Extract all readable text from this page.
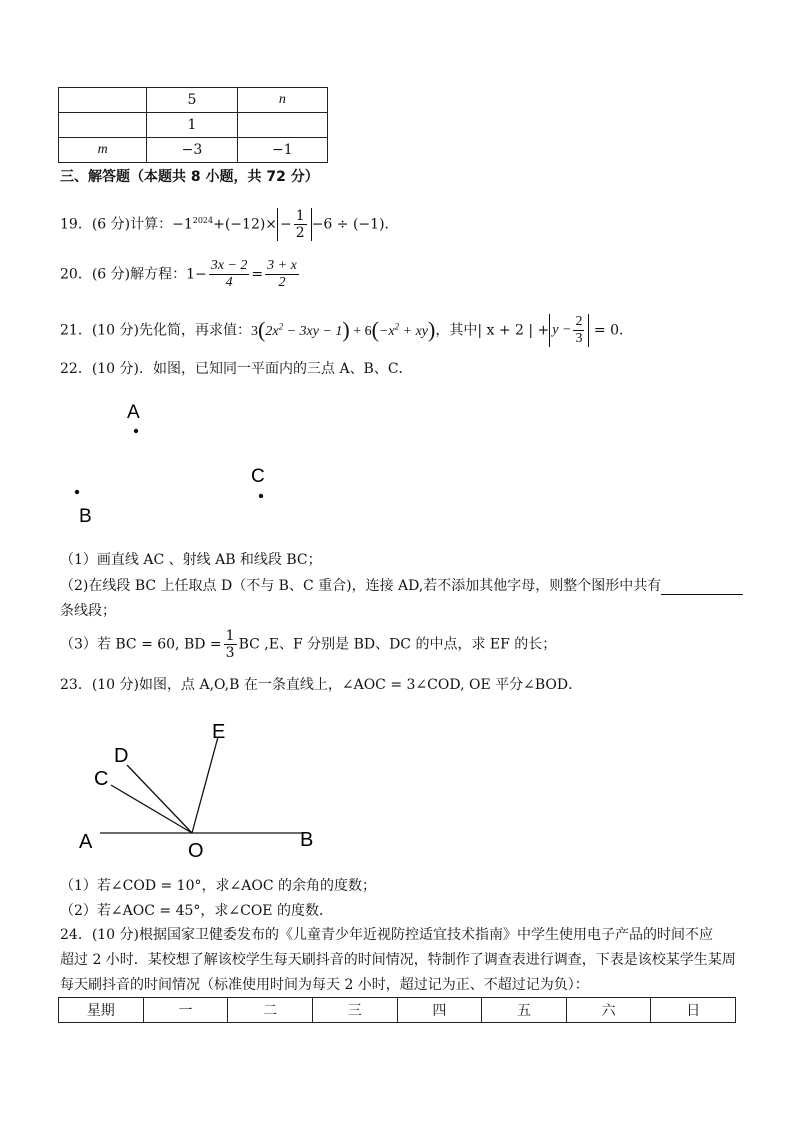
	5	n
	1	
m	−3	−1
三、解答题（本题共 8 小题，共 72 分）
19．(6 分)计算：$-1^{2024}+(-12)\times - \frac{1}{2} -6 \div (-1)$．
20．(6 分)解方程：$1- \frac{3x - 2}{4} = \frac{3 + x}{2}$
21．(10 分)先化简，再求值：$3(2x^2 - 3xy - 1) + 6(-x^2 + xy)$，其中| x + 2 | + $y - \frac{2}{3} = 0$．
22．(10 分)．如图，已知同一平面内的三点 A、B、C．
A
B
C
（1）画直线 AC 、射线 AB 和线段 BC；
（2)在线段 BC 上任取点 D（不与 B、C 重合)，连接 AD,若不添加其他字母，则整个图形中共有
条线段；
（3）若 BC = 60, BD = $\frac{1}{3}$ BC ,E、F 分别是 BD、DC 的中点，求 EF 的长；
23．(10 分)如图，点 A,O,B 在一条直线上，∠AOC = 3∠COD, OE 平分∠BOD．
A	B
C
D
E
O
（1）若∠COD = 10°，求∠AOC 的余角的度数；
（2）若∠AOC = 45°，求∠COE 的度数．
24．(10 分)根据国家卫健委发布的《儿童青少年近视防控适宜技术指南》中学生使用电子产品的时间不应
超过 2 小时．某校想了解该校学生每天刷抖音的时间情况，特制作了调查表进行调查，下表是该校某学生某周
每天刷抖音的时间情况（标准使用时间为每天 2 小时，超过记为正、不超过记为负）：
星期	一	二	三	四	五	六	日
